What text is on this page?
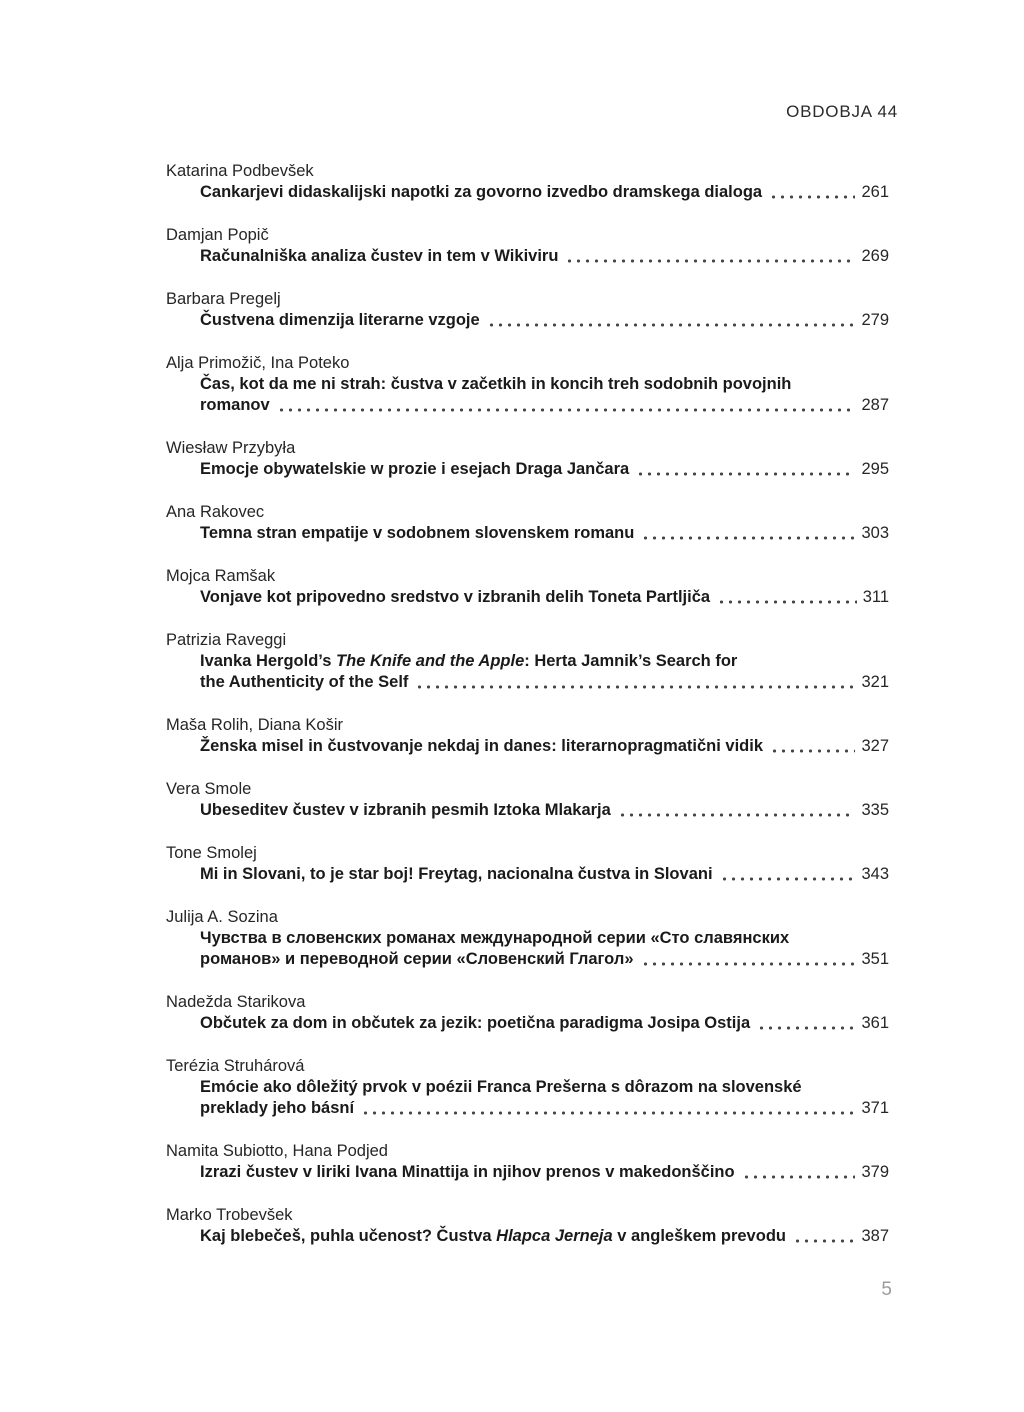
OBDOBJA 44
Katarina Podbevšek
Cankarjevi didaskalijski napotki za govorno izvedbo dramskega dialoga	261
Damjan Popič
Računalniška analiza čustev in tem v Wikiviru	269
Barbara Pregelj
Čustvena dimenzija literarne vzgoje	279
Alja Primožič, Ina Poteko
Čas, kot da me ni strah: čustva v začetkih in koncih treh sodobnih povojnih
romanov	287
Wiesław Przybyła
Emocje obywatelskie w prozie i esejach Draga Jančara	295
Ana Rakovec
Temna stran empatije v sodobnem slovenskem romanu	303
Mojca Ramšak
Vonjave kot pripovedno sredstvo v izbranih delih Toneta Partljiča	311
Patrizia Raveggi
Ivanka Hergold’s The Knife and the Apple: Herta Jamnik’s Search for
the Authenticity of the Self	321
Maša Rolih, Diana Košir
Ženska misel in čustvovanje nekdaj in danes: literarnopragmatični vidik	327
Vera Smole
Ubeseditev čustev v izbranih pesmih Iztoka Mlakarja	335
Tone Smolej
Mi in Slovani, to je star boj! Freytag, nacionalna čustva in Slovani	343
Julija A. Sozina
Чувства в словенских романах международной серии «Сто славянских
романов» и переводной серии «Словенский Глагол»	351
Nadežda Starikova
Občutek za dom in občutek za jezik: poetična paradigma Josipa Ostija	361
Terézia Struhárová
Emócie ako dôležitý prvok v poézii Franca Prešerna s dôrazom na slovenské
preklady jeho básní	371
Namita Subiotto, Hana Podjed
Izrazi čustev v liriki Ivana Minattija in njihov prenos v makedonščino	379
Marko Trobevšek
Kaj blebečeš, puhla učenost? Čustva Hlapca Jerneja v angleškem prevodu	387
5
